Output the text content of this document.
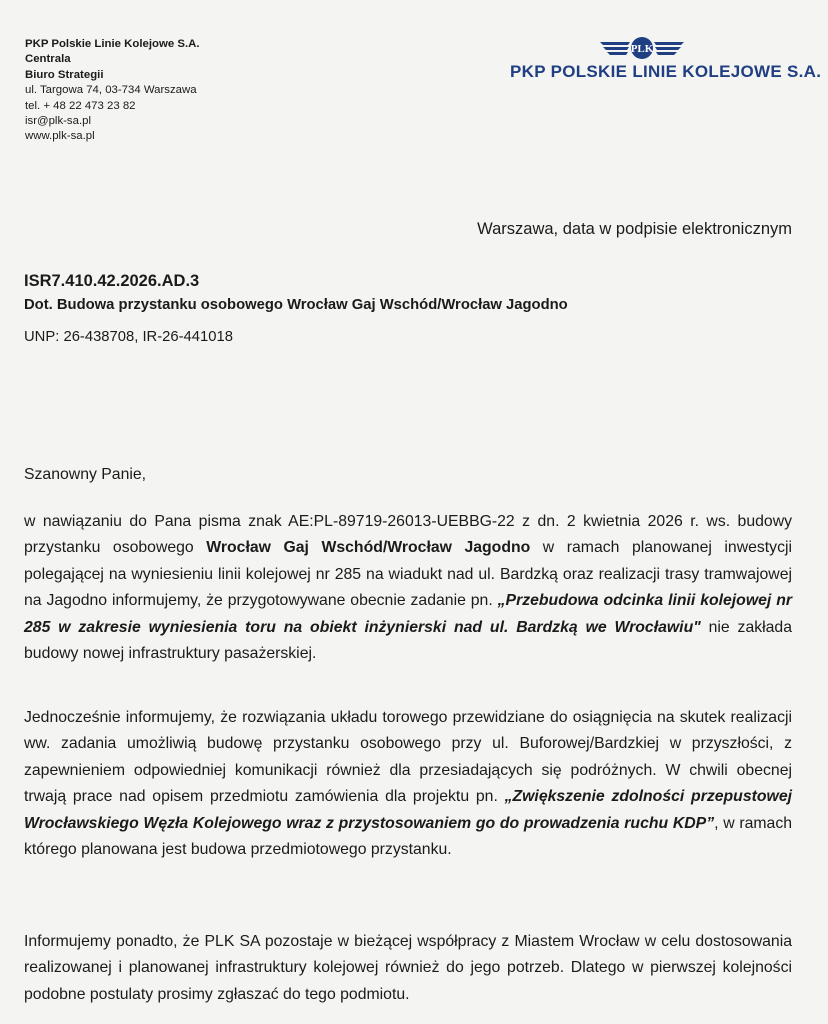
PKP Polskie Linie Kolejowe S.A.
Centrala
Biuro Strategii
ul. Targowa 74, 03-734 Warszawa
tel. + 48 22 473 23 82
isr@plk-sa.pl
www.plk-sa.pl
PLK
PKP POLSKIE LINIE KOLEJOWE S.A.
Warszawa, data w podpisie elektronicznym
ISR7.410.42.2026.AD.3
Dot. Budowa przystanku osobowego Wrocław Gaj Wschód/Wrocław Jagodno
UNP: 26-438708, IR-26-441018
Szanowny Panie,
w nawiązaniu do Pana pisma znak AE:PL-89719-26013-UEBBG-22 z dn. 2 kwietnia 2026 r. ws. budowy przystanku osobowego Wrocław Gaj Wschód/Wrocław Jagodno w ramach planowanej inwestycji polegającej na wyniesieniu linii kolejowej nr 285 na wiadukt nad ul. Bardzką oraz realizacji trasy tramwajowej na Jagodno informujemy, że przygotowywane obecnie zadanie pn. „Przebudowa odcinka linii kolejowej nr 285 w zakresie wyniesienia toru na obiekt inżynierski nad ul. Bardzką we Wrocławiu" nie zakłada budowy nowej infrastruktury pasażerskiej.
Jednocześnie informujemy, że rozwiązania układu torowego przewidziane do osiągnięcia na skutek realizacji ww. zadania umożliwią budowę przystanku osobowego przy ul. Buforowej/Bardzkiej w przyszłości, z zapewnieniem odpowiedniej komunikacji również dla przesiadających się podróżnych. W chwili obecnej trwają prace nad opisem przedmiotu zamówienia dla projektu pn. „Zwiększenie zdolności przepustowej Wrocławskiego Węzła Kolejowego wraz z przystosowaniem go do prowadzenia ruchu KDP”, w ramach którego planowana jest budowa przedmiotowego przystanku.
Informujemy ponadto, że PLK SA pozostaje w bieżącej współpracy z Miastem Wrocław w celu dostosowania realizowanej i planowanej infrastruktury kolejowej również do jego potrzeb. Dlatego w pierwszej kolejności podobne postulaty prosimy zgłaszać do tego podmiotu.
